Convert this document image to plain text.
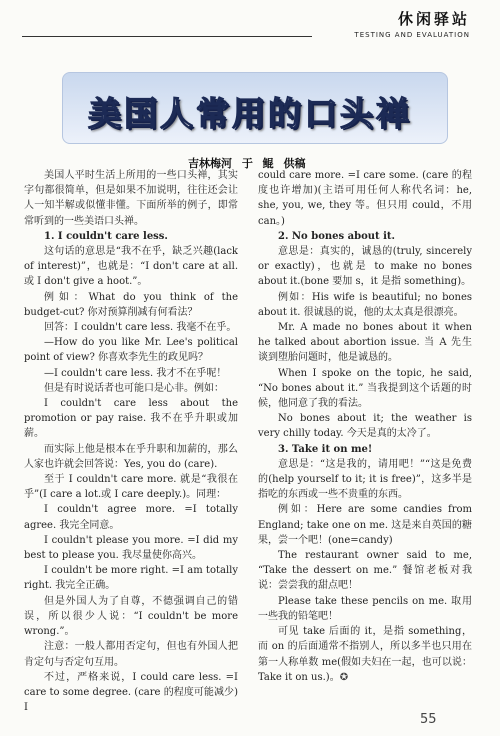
休闲驿站
TESTING AND EVALUATION
美国人常用的口头禅
吉林梅河 于 鲲 供稿

美国人平时生活上所用的一些口头禅，其实字句都很简单，但是如果不加说明，往往还会让人一知半解或似懂非懂。下面所举的例子，即常常听到的一些美语口头禅。

1. I couldn't care less.

这句话的意思是“我不在乎，缺乏兴趣(lack of interest)”，也就是：“I don't care at all.或 I don't give a hoot.”。

例如：What do you think of the budget-cut? 你对预算削减有何看法？

回答：I couldn't care less. 我毫不在乎。

—How do you like Mr. Lee's political point of view? 你喜欢李先生的政见吗？

—I couldn't care less. 我才不在乎呢！

但是有时说话者也可能口是心非。例如：

I couldn't care less about the promotion or pay raise. 我不在乎升职或加薪。

而实际上他是根本在乎升职和加薪的，那么人家也许就会回答说：Yes, you do (care).

至于 I couldn't care more. 就是“我很在乎”(I care a lot.或 I care deeply.)。同理：

I couldn't agree more. =I totally agree. 我完全同意。

I couldn't please you more. =I did my best to please you. 我尽量使你高兴。

I couldn't be more right. =I am totally right. 我完全正确。

但是外国人为了自尊，不德强调自己的错误，所以很少人说：“I couldn't be more wrong.”。

注意：一般人都用否定句，但也有外国人把肯定句与否定句互用。

不过，严格来说，I could care less. =I care to some degree. (care 的程度可能减少) I

could care more. =I care some. (care 的程度也许增加)(主语可用任何人称代名词：he, she, you, we, they 等。但只用 could，不用 can。)

2. No bones about it.

意思是：真实的，诚恳的(truly, sincerely or exactly)，也就是 to make no bones about it.(bone 要加 s，it 是指 something)。

例如：His wife is beautiful; no bones about it. 很诚恳的说，他的太太真是很漂亮。

Mr. A made no bones about it when he talked about abortion issue. 当 A 先生谈到堕胎问题时，他是诚恳的。

When I spoke on the topic, he said, “No bones about it.” 当我提到这个话题的时候，他同意了我的看法。

No bones about it; the weather is very chilly today. 今天是真的太冷了。

3. Take it on me!

意思是：“这是我的，请用吧！”“这是免费的(help yourself to it; it is free)”，这多半是指吃的东西或一些不贵重的东西。

例如：Here are some candies from England; take one on me. 这是来自英国的糖果，尝一个吧！(one=candy)

The restaurant owner said to me, “Take the dessert on me.” 餐馆老板对我说：尝尝我的甜点吧！

Please take these pencils on me. 取用一些我的铅笔吧！

可见 take 后面的 it，是指 something，而 on 的后面通常不指别人，所以多半也只用在第一人称单数 me(假如夫妇在一起，也可以说：Take it on us.)。✪

55
